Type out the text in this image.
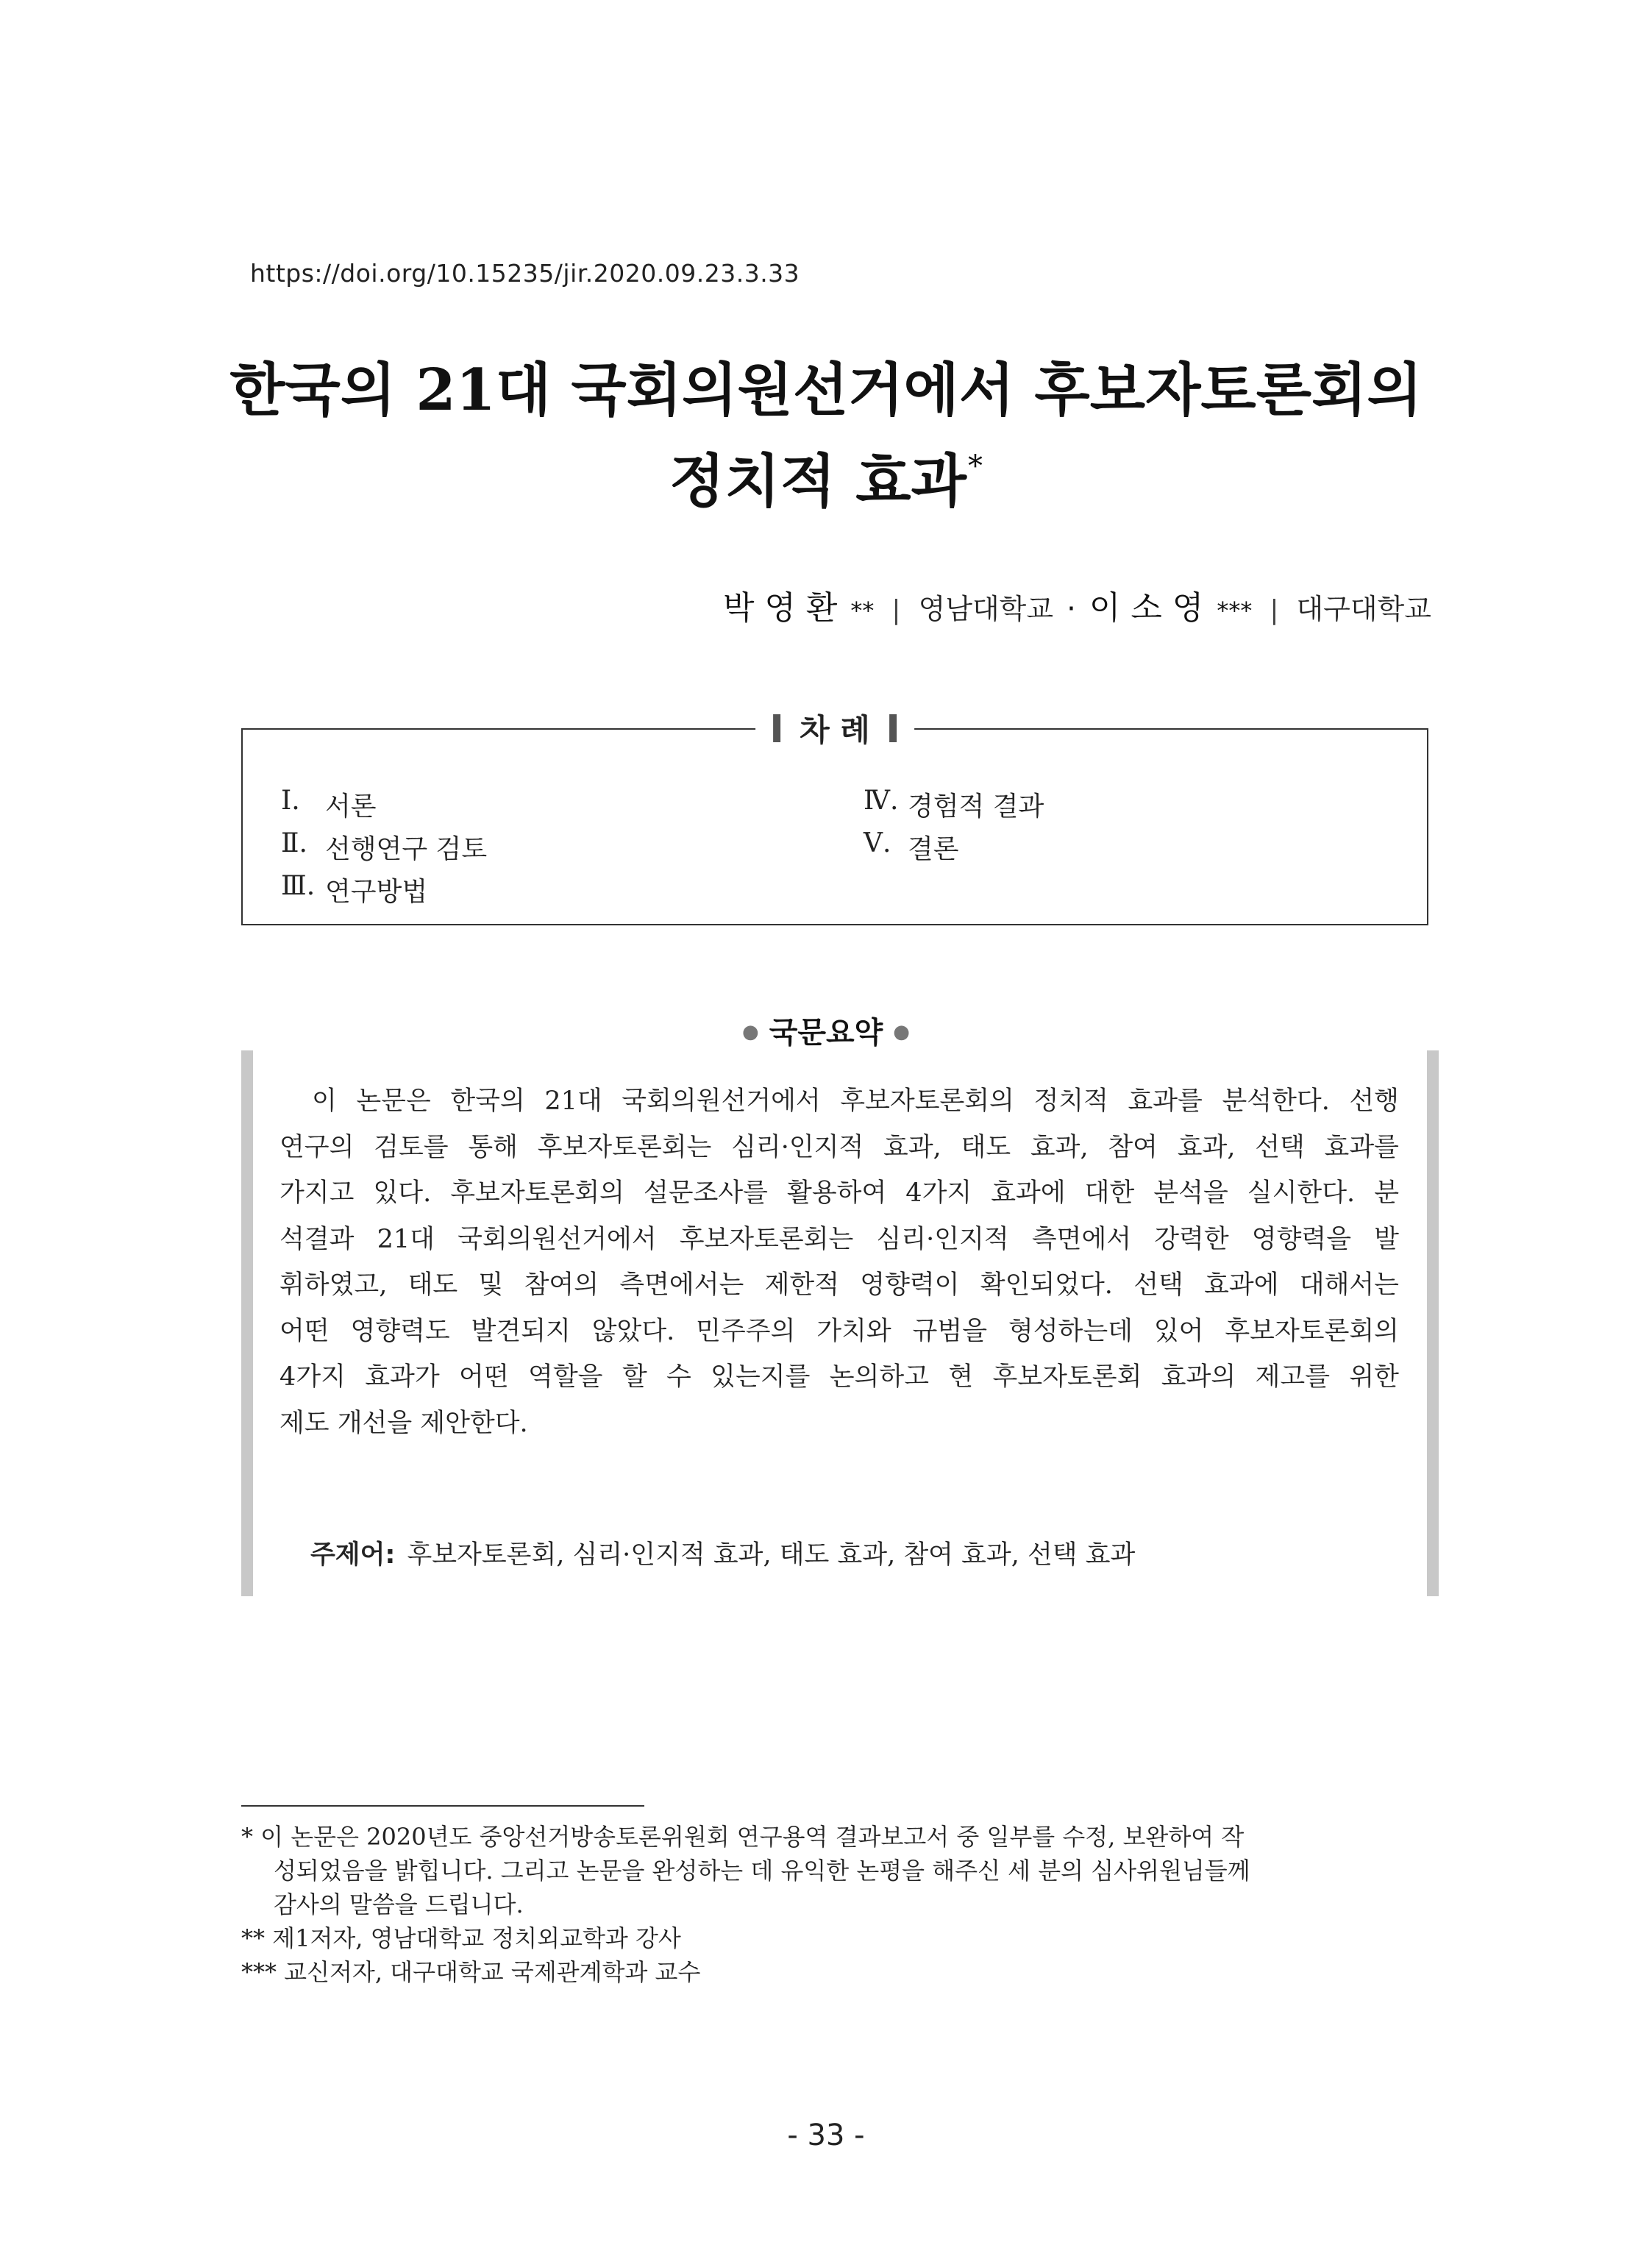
https://doi.org/10.15235/jir.2020.09.23.3.33
한국의 21대 국회의원선거에서 후보자토론회의
정치적 효과*
박 영 환 ** | 영남대학교 · 이 소 영 *** | 대구대학교
차 례
Ⅰ. 서론
Ⅱ. 선행연구 검토
Ⅲ. 연구방법
Ⅳ. 경험적 결과
Ⅴ. 결론
● 국문요약 ●
이 논문은 한국의 21대 국회의원선거에서 후보자토론회의 정치적 효과를 분석한다. 선행
연구의 검토를 통해 후보자토론회는 심리·인지적 효과, 태도 효과, 참여 효과, 선택 효과를
가지고 있다. 후보자토론회의 설문조사를 활용하여 4가지 효과에 대한 분석을 실시한다. 분
석결과 21대 국회의원선거에서 후보자토론회는 심리·인지적 측면에서 강력한 영향력을 발
휘하였고, 태도 및 참여의 측면에서는 제한적 영향력이 확인되었다. 선택 효과에 대해서는
어떤 영향력도 발견되지 않았다. 민주주의 가치와 규범을 형성하는데 있어 후보자토론회의
4가지 효과가 어떤 역할을 할 수 있는지를 논의하고 현 후보자토론회 효과의 제고를 위한
제도 개선을 제안한다.
주제어: 후보자토론회, 심리·인지적 효과, 태도 효과, 참여 효과, 선택 효과
* 이 논문은 2020년도 중앙선거방송토론위원회 연구용역 결과보고서 중 일부를 수정, 보완하여 작
성되었음을 밝힙니다. 그리고 논문을 완성하는 데 유익한 논평을 해주신 세 분의 심사위원님들께
감사의 말씀을 드립니다.
** 제1저자, 영남대학교 정치외교학과 강사
*** 교신저자, 대구대학교 국제관계학과 교수
- 33 -
